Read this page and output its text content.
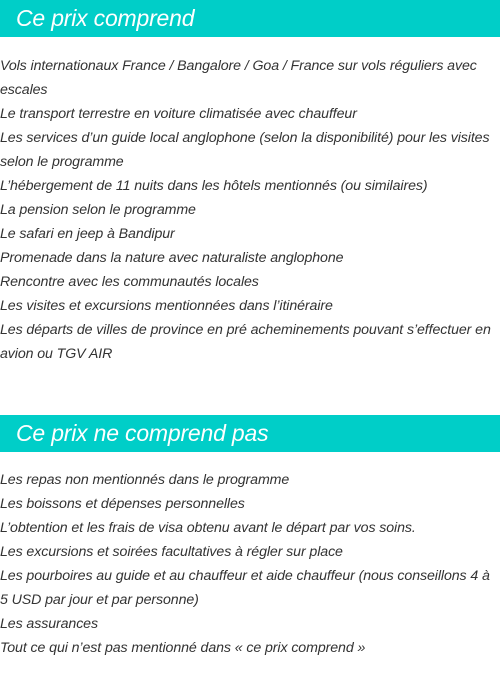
Ce prix comprend
Vols internationaux France / Bangalore / Goa / France sur vols réguliers avec escales
Le transport terrestre en voiture climatisée avec chauffeur
Les services d’un guide local anglophone (selon la disponibilité) pour les visites selon le programme
L’hébergement de 11 nuits dans les hôtels mentionnés (ou similaires)
La pension selon le programme
Le safari en jeep à Bandipur
Promenade dans la nature avec naturaliste anglophone
Rencontre avec les communautés locales
Les visites et excursions mentionnées dans l’itinéraire
Les départs de villes de province en pré acheminements pouvant s’effectuer en avion ou TGV AIR
Ce prix ne comprend pas
Les repas non mentionnés dans le programme
Les boissons et dépenses personnelles
L’obtention et les frais de visa obtenu avant le départ par vos soins.
Les excursions et soirées facultatives à régler sur place
Les pourboires au guide et au chauffeur et aide chauffeur (nous conseillons 4 à 5 USD par jour et par personne)
Les assurances
Tout ce qui n’est pas mentionné dans « ce prix comprend »
